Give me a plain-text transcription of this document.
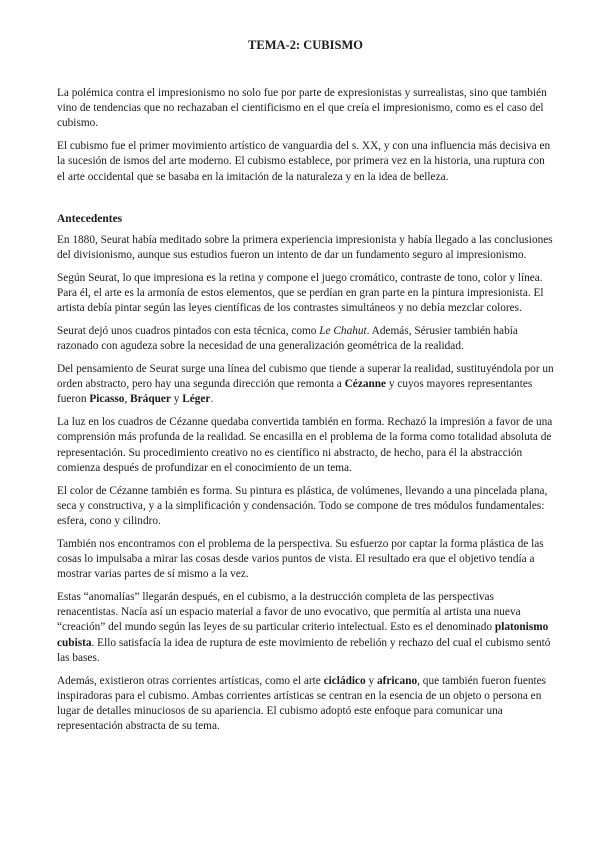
TEMA-2: CUBISMO

La polémica contra el impresionismo no solo fue por parte de expresionistas y surrealistas, sino que también vino de tendencias que no rechazaban el cientificismo en el que creía el impresionismo, como es el caso del cubismo.

El cubismo fue el primer movimiento artístico de vanguardia del s. XX, y con una influencia más decisiva en la sucesión de ismos del arte moderno. El cubismo establece, por primera vez en la historia, una ruptura con el arte occidental que se basaba en la imitación de la naturaleza y en la idea de belleza.

Antecedentes

En 1880, Seurat había meditado sobre la primera experiencia impresionista y había llegado a las conclusiones del divisionismo, aunque sus estudios fueron un intento de dar un fundamento seguro al impresionismo.

Según Seurat, lo que impresiona es la retina y compone el juego cromático, contraste de tono, color y línea. Para él, el arte es la armonía de estos elementos, que se perdían en gran parte en la pintura impresionista. El artista debía pintar según las leyes científicas de los contrastes simultáneos y no debía mezclar colores.

Seurat dejó unos cuadros pintados con esta técnica, como Le Chahut. Además, Sérusier también había razonado con agudeza sobre la necesidad de una generalización geométrica de la realidad.

Del pensamiento de Seurat surge una línea del cubismo que tiende a superar la realidad, sustituyéndola por un orden abstracto, pero hay una segunda dirección que remonta a Cézanne y cuyos mayores representantes fueron Picasso, Bráquer y Léger.

La luz en los cuadros de Cézanne quedaba convertida también en forma. Rechazó la impresión a favor de una comprensión más profunda de la realidad. Se encasilla en el problema de la forma como totalidad absoluta de representación. Su procedimiento creativo no es científico ni abstracto, de hecho, para él la abstracción comienza después de profundizar en el conocimiento de un tema.

El color de Cézanne también es forma. Su pintura es plástica, de volúmenes, llevando a una pincelada plana, seca y constructiva, y a la simplificación y condensación. Todo se compone de tres módulos fundamentales: esfera, cono y cilindro.

También nos encontramos con el problema de la perspectiva. Su esfuerzo por captar la forma plástica de las cosas lo impulsaba a mirar las cosas desde varios puntos de vista. El resultado era que el objetivo tendía a mostrar varias partes de sí mismo a la vez.

Estas “anomalías” llegarán después, en el cubismo, a la destrucción completa de las perspectivas renacentistas. Nacía así un espacio material a favor de uno evocativo, que permitía al artista una nueva “creación” del mundo según las leyes de su particular criterio intelectual. Esto es el denominado platonismo cubista. Ello satisfacía la idea de ruptura de este movimiento de rebelión y rechazo del cual el cubismo sentó las bases.

Además, existieron otras corrientes artísticas, como el arte cicládico y africano, que también fueron fuentes inspiradoras para el cubismo. Ambas corrientes artísticas se centran en la esencia de un objeto o persona en lugar de detalles minuciosos de su apariencia. El cubismo adoptó este enfoque para comunicar una representación abstracta de su tema.
